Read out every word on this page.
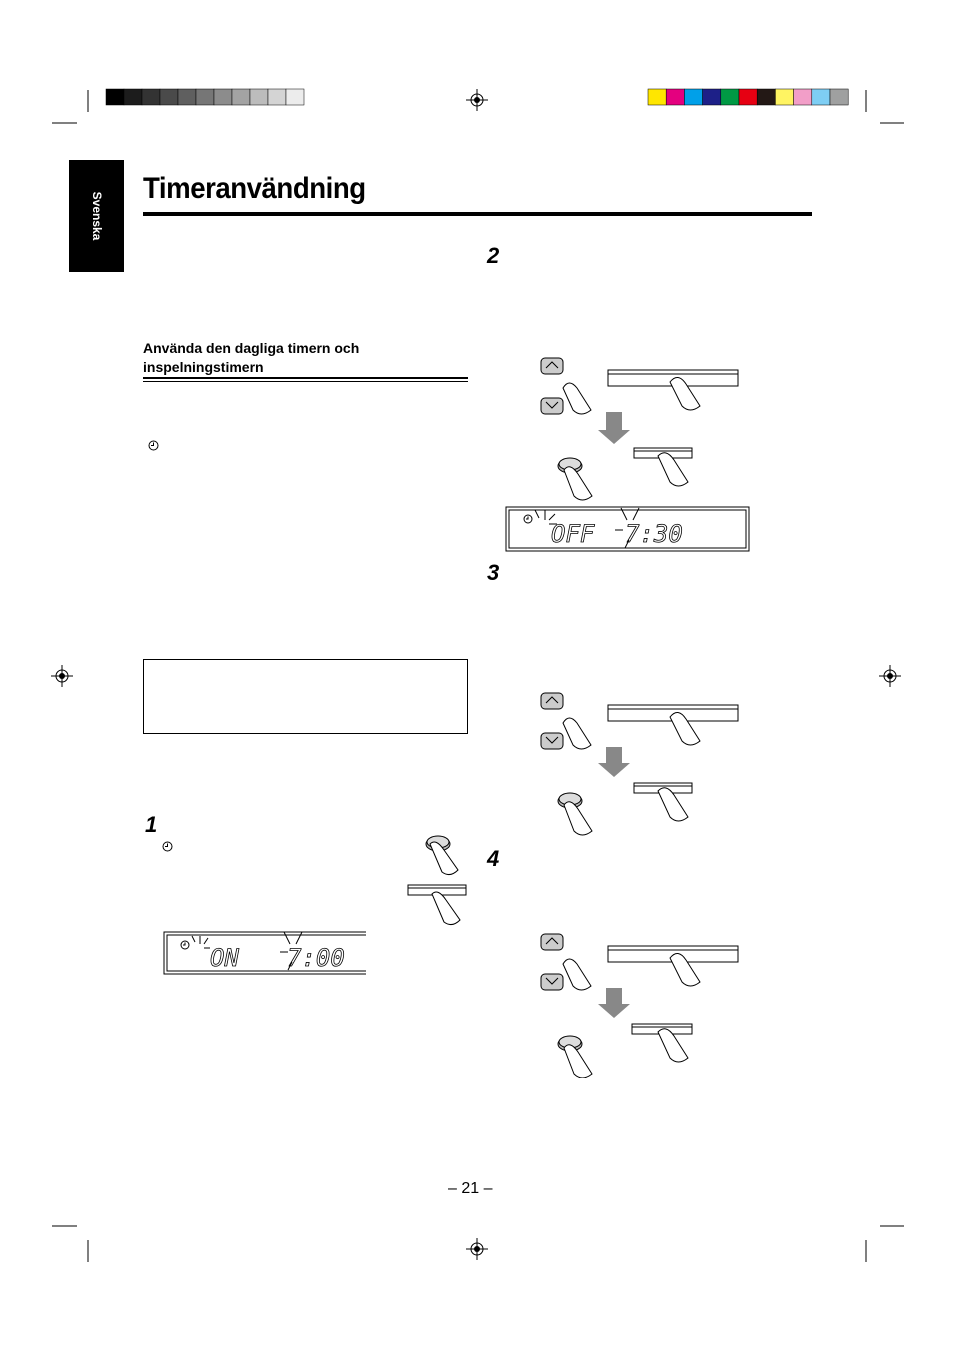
Svenska
Timeranvändning
Använda den dagliga timern och
inspelningstimern
1
2
3
4
ON 7:00
OFF 7:30
– 21 –
